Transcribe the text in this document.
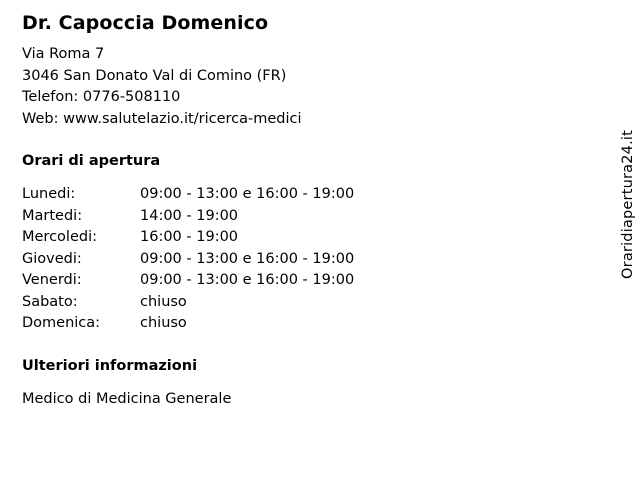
Dr. Capoccia Domenico

Via Roma 7

3046 San Donato Val di Comino (FR)

Telefon: 0776-508110

Web: www.salutelazio.it/ricerca-medici

Orari di apertura
Lunedi:	09:00 - 13:00 e 16:00 - 19:00
Martedi:	14:00 - 19:00
Mercoledi:	16:00 - 19:00
Giovedi:	09:00 - 13:00 e 16:00 - 19:00
Venerdi:	09:00 - 13:00 e 16:00 - 19:00
Sabato:	chiuso
Domenica:	chiuso
Ulteriori informazioni

Medico di Medicina Generale

Oraridiapertura24.it
